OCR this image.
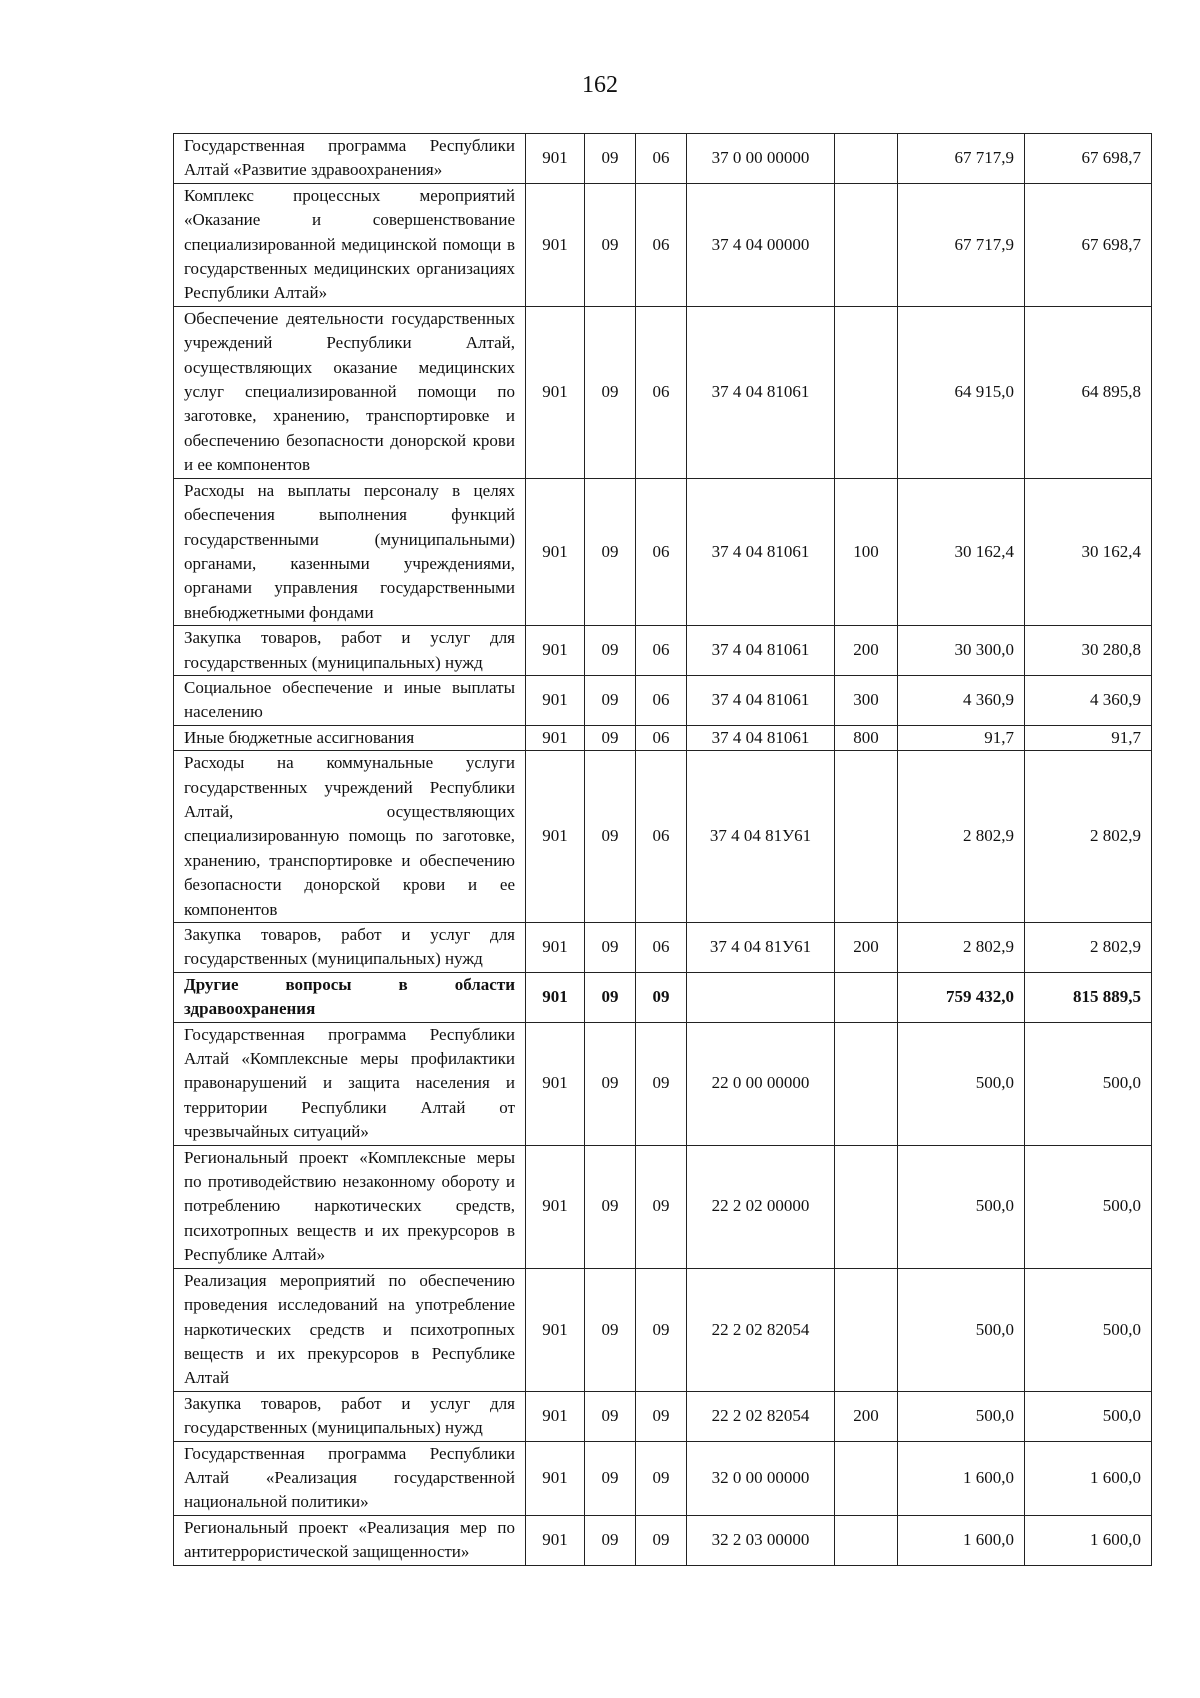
162
Государственная программа Республики Алтай «Развитие здравоохранения»	901	09	06	37 0 00 00000		67 717,9	67 698,7
Комплекс процессных мероприятий «Оказание и совершенствование специализированной медицинской помощи в государственных медицинских организациях Республики Алтай»	901	09	06	37 4 04 00000		67 717,9	67 698,7
Обеспечение деятельности государственных учреждений Республики Алтай, осуществляющих оказание медицинских услуг специализированной помощи по заготовке, хранению, транспортировке и обеспечению безопасности донорской крови и ее компонентов	901	09	06	37 4 04 81061		64 915,0	64 895,8
Расходы на выплаты персоналу в целях обеспечения выполнения функций государственными (муниципальными) органами, казенными учреждениями, органами управления государственными внебюджетными фондами	901	09	06	37 4 04 81061	100	30 162,4	30 162,4
Закупка товаров, работ и услуг для государственных (муниципальных) нужд	901	09	06	37 4 04 81061	200	30 300,0	30 280,8
Социальное обеспечение и иные выплаты населению	901	09	06	37 4 04 81061	300	4 360,9	4 360,9
Иные бюджетные ассигнования	901	09	06	37 4 04 81061	800	91,7	91,7
Расходы на коммунальные услуги государственных учреждений Республики Алтай, осуществляющих специализированную помощь по заготовке, хранению, транспортировке и обеспечению безопасности донорской крови и ее компонентов	901	09	06	37 4 04 81У61		2 802,9	2 802,9
Закупка товаров, работ и услуг для государственных (муниципальных) нужд	901	09	06	37 4 04 81У61	200	2 802,9	2 802,9
Другие вопросы в области здравоохранения	901	09	09			759 432,0	815 889,5
Государственная программа Республики Алтай «Комплексные меры профилактики правонарушений и защита населения и территории Республики Алтай от чрезвычайных ситуаций»	901	09	09	22 0 00 00000		500,0	500,0
Региональный проект «Комплексные меры по противодействию незаконному обороту и потреблению наркотических средств, психотропных веществ и их прекурсоров в Республике Алтай»	901	09	09	22 2 02 00000		500,0	500,0
Реализация мероприятий по обеспечению проведения исследований на употребление наркотических средств и психотропных веществ и их прекурсоров в Республике Алтай	901	09	09	22 2 02 82054		500,0	500,0
Закупка товаров, работ и услуг для государственных (муниципальных) нужд	901	09	09	22 2 02 82054	200	500,0	500,0
Государственная программа Республики Алтай «Реализация государственной национальной политики»	901	09	09	32 0 00 00000		1 600,0	1 600,0
Региональный проект «Реализация мер по антитеррористической защищенности»	901	09	09	32 2 03 00000		1 600,0	1 600,0
